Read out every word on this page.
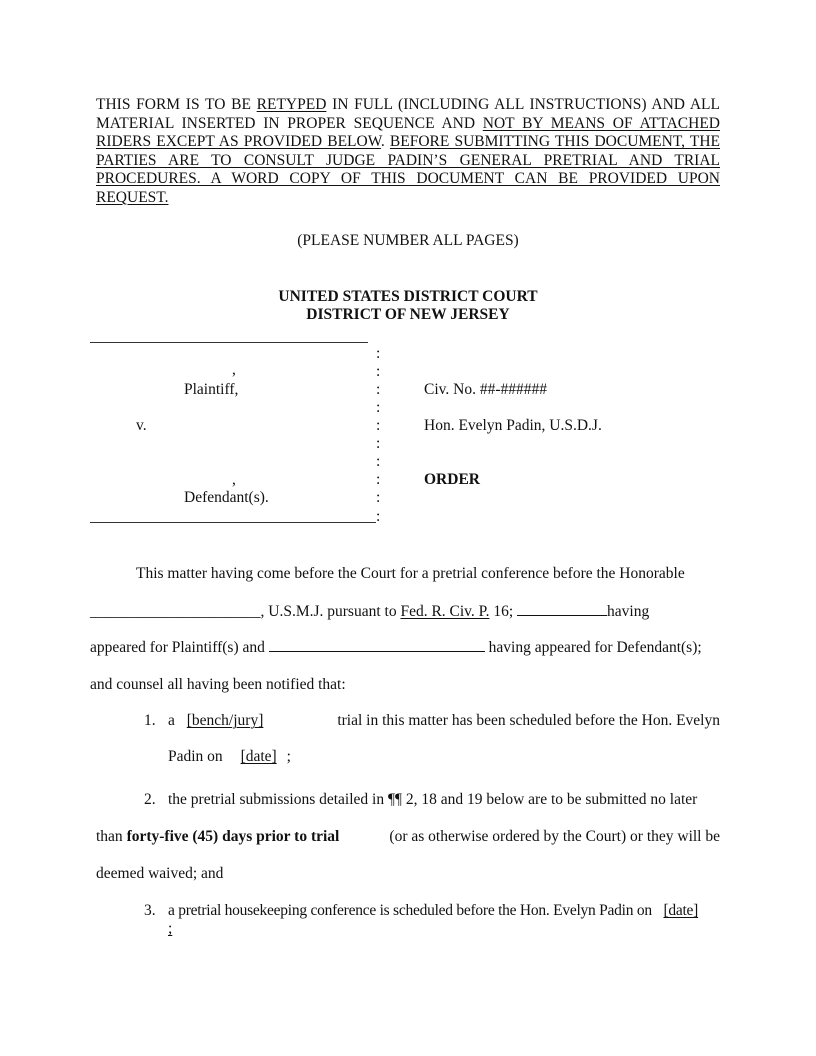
THIS FORM IS TO BE RETYPED IN FULL (INCLUDING ALL INSTRUCTIONS) AND ALL MATERIAL INSERTED IN PROPER SEQUENCE AND NOT BY MEANS OF ATTACHED RIDERS EXCEPT AS PROVIDED BELOW. BEFORE SUBMITTING THIS DOCUMENT, THE PARTIES ARE TO CONSULT JUDGE PADIN’S GENERAL PRETRIAL AND TRIAL PROCEDURES. A WORD COPY OF THIS DOCUMENT CAN BE PROVIDED UPON REQUEST.
(PLEASE NUMBER ALL PAGES)
UNITED STATES DISTRICT COURT
DISTRICT OF NEW JERSEY
:
:
:
:
:
:
:
:
:
:
,
Plaintiff,
v.
,
Defendant(s).
Civ. No. ##-######
Hon. Evelyn Padin, U.S.D.J.
ORDER
This matter having come before the Court for a pretrial conference before the Honorable
______________________, U.S.M.J. pursuant to Fed. R. Civ. P. 16;	having
appeared for Plaintiff(s) and	having appeared for Defendant(s);
and counsel all having been notified that:
1. a [bench/jury]	trial in this matter has been scheduled before the Hon. Evelyn
Padin on [date] ;
2. the pretrial submissions detailed in ¶¶ 2, 18 and 19 below are to be submitted no later
than forty-five (45) days prior to trial	(or as otherwise ordered by the Court) or they will be
deemed waived; and
3. a pretrial housekeeping conference is scheduled before the Hon. Evelyn Padin on [date]
;
